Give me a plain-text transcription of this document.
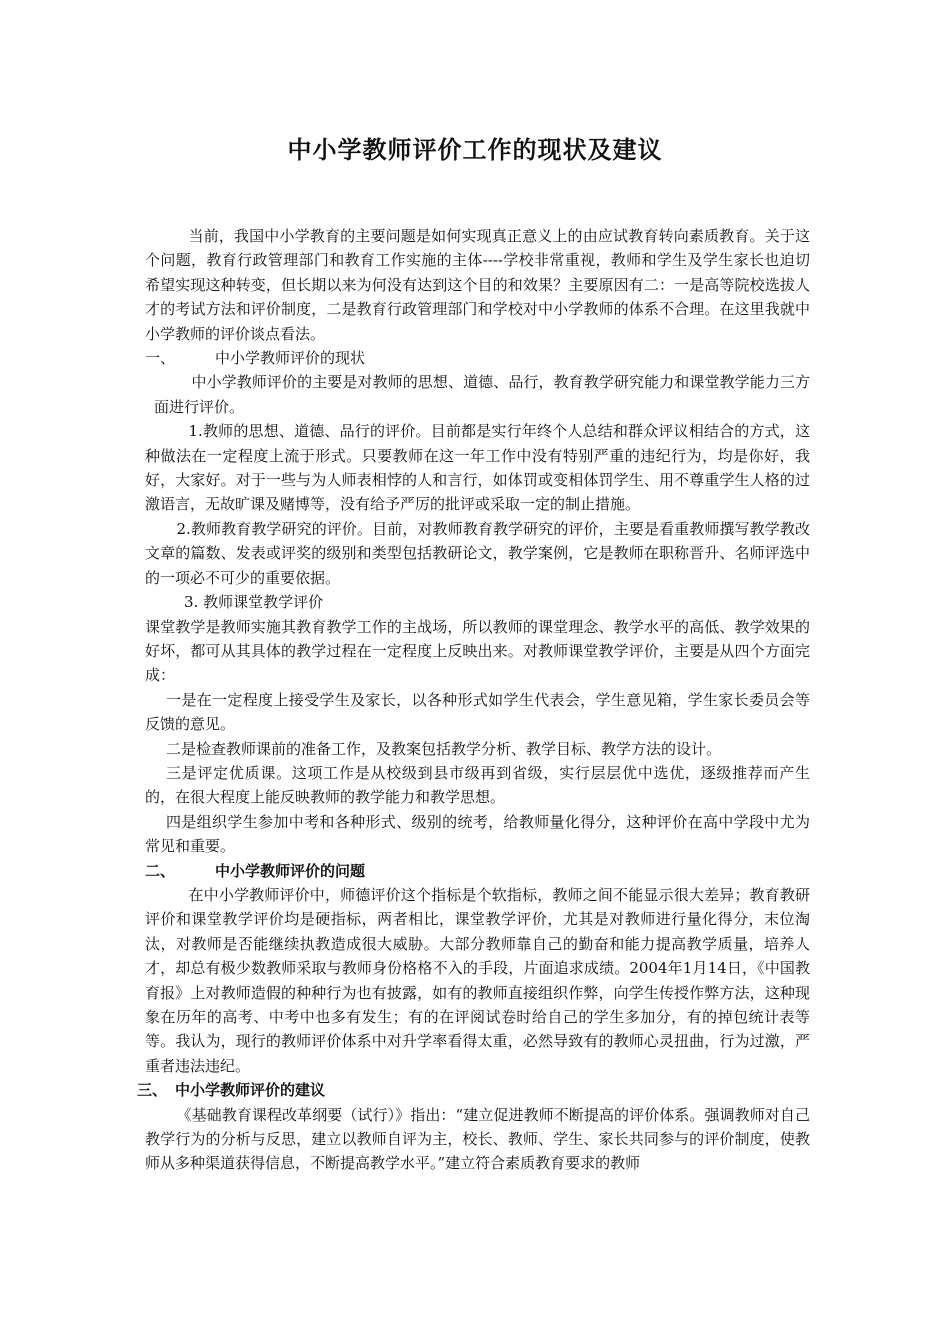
中小学教师评价工作的现状及建议

当前，我国中小学教育的主要问题是如何实现真正意义上的由应试教育转向素质教育。关于这个问题，教育行政管理部门和教育工作实施的主体----学校非常重视，教师和学生及学生家长也迫切希望实现这种转变，但长期以来为何没有达到这个目的和效果？主要原因有二：一是高等院校选拔人才的考试方法和评价制度，二是教育行政管理部门和学校对中小学教师的体系不合理。在这里我就中小学教师的评价谈点看法。

一、	中小学教师评价的现状

中小学教师评价的主要是对教师的思想、道德、品行，教育教学研究能力和课堂教学能力三方面进行评价。

1.教师的思想、道德、品行的评价。目前都是实行年终个人总结和群众评议相结合的方式，这种做法在一定程度上流于形式。只要教师在这一年工作中没有特别严重的违纪行为，均是你好，我好，大家好。对于一些与为人师表相悖的人和言行，如体罚或变相体罚学生、用不尊重学生人格的过激语言，无故旷课及赌博等，没有给予严厉的批评或采取一定的制止措施。

2.教师教育教学研究的评价。目前，对教师教育教学研究的评价，主要是看重教师撰写教学教改文章的篇数、发表或评奖的级别和类型包括教研论文，教学案例，它是教师在职称晋升、名师评选中的一项必不可少的重要依据。

3. 教师课堂教学评价

课堂教学是教师实施其教育教学工作的主战场，所以教师的课堂理念、教学水平的高低、教学效果的好坏，都可从其具体的教学过程在一定程度上反映出来。对教师课堂教学评价，主要是从四个方面完成：

一是在一定程度上接受学生及家长，以各种形式如学生代表会，学生意见箱，学生家长委员会等反馈的意见。

二是检查教师课前的准备工作，及教案包括教学分析、教学目标、教学方法的设计。

三是评定优质课。这项工作是从校级到县市级再到省级，实行层层优中选优，逐级推荐而产生的，在很大程度上能反映教师的教学能力和教学思想。

四是组织学生参加中考和各种形式、级别的统考，给教师量化得分，这种评价在高中学段中尤为常见和重要。

二、	中小学教师评价的问题

在中小学教师评价中，师德评价这个指标是个软指标，教师之间不能显示很大差异；教育教研评价和课堂教学评价均是硬指标，两者相比，课堂教学评价，尤其是对教师进行量化得分，末位淘汰，对教师是否能继续执教造成很大威胁。大部分教师靠自己的勤奋和能力提高教学质量，培养人才，却总有极少数教师采取与教师身份格格不入的手段，片面追求成绩。2004年1月14日，《中国教育报》上对教师造假的种种行为也有披露，如有的教师直接组织作弊，向学生传授作弊方法，这种现象在历年的高考、中考中也多有发生；有的在评阅试卷时给自己的学生多加分，有的掉包统计表等等。我认为，现行的教师评价体系中对升学率看得太重，必然导致有的教师心灵扭曲，行为过激，严重者违法违纪。

三、 中小学教师评价的建议

《基础教育课程改革纲要（试行）》指出：“建立促进教师不断提高的评价体系。强调教师对自己教学行为的分析与反思，建立以教师自评为主，校长、教师、学生、家长共同参与的评价制度，使教师从多种渠道获得信息，不断提高教学水平。”建立符合素质教育要求的教师
